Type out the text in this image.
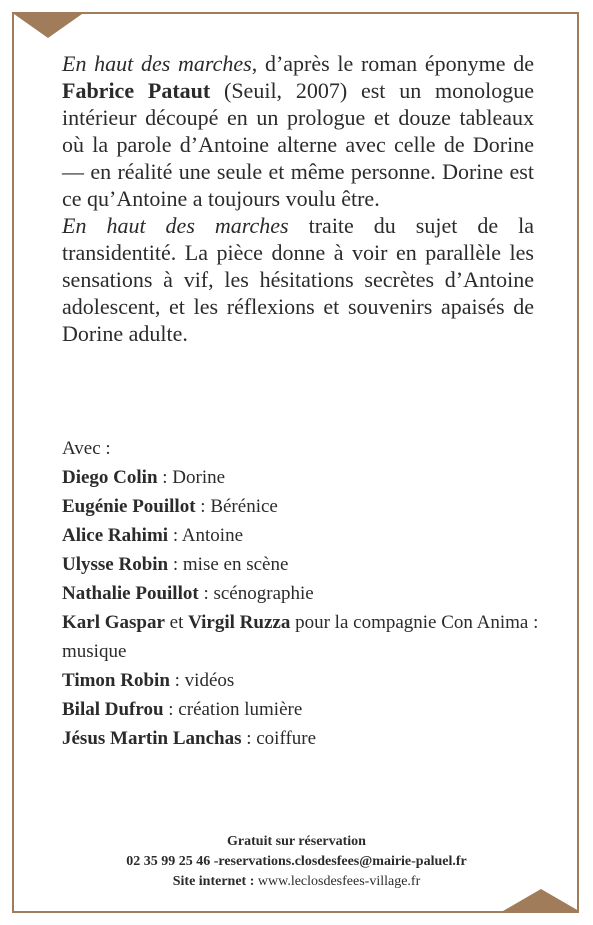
En haut des marches, d’après le roman éponyme de Fabrice Pataut (Seuil, 2007) est un monologue intérieur découpé en un prologue et douze tableaux où la parole d’Antoine alterne avec celle de Dorine — en réalité une seule et même personne. Dorine est ce qu’Antoine a toujours voulu être.

En haut des marches traite du sujet de la transidentité. La pièce donne à voir en parallèle les sensations à vif, les hésitations secrètes d’Antoine adolescent, et les réflexions et souvenirs apaisés de Dorine adulte.

Avec :
Diego Colin : Dorine
Eugénie Pouillot : Bérénice
Alice Rahimi : Antoine
Ulysse Robin : mise en scène
Nathalie Pouillot : scénographie
Karl Gaspar et Virgil Ruzza pour la compagnie Con Anima : musique
Timon Robin : vidéos
Bilal Dufrou : création lumière
Jésus Martin Lanchas : coiffure
Gratuit sur réservation
02 35 99 25 46 -reservations.closdesfees@mairie-paluel.fr
Site internet : www.leclosdesfees-village.fr
